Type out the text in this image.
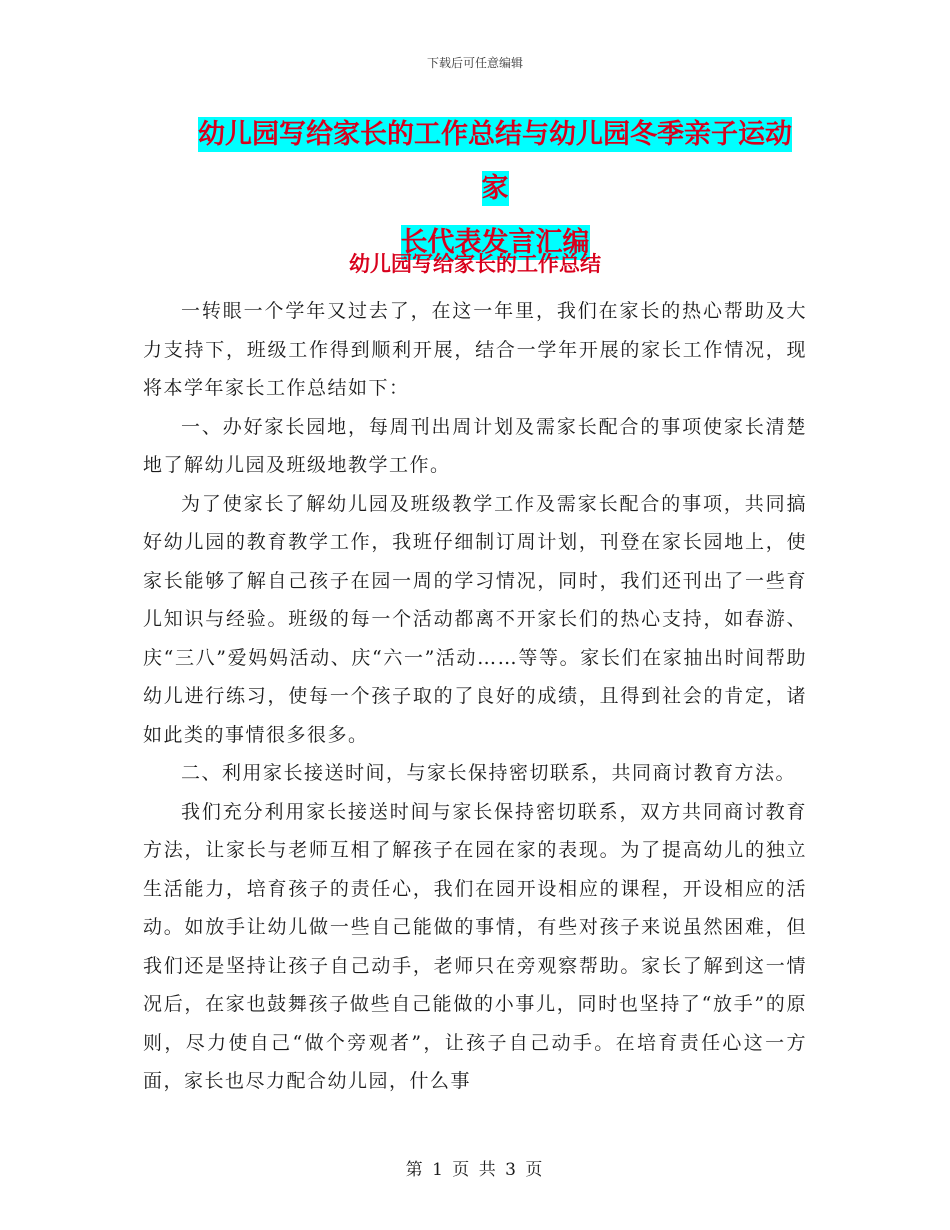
下载后可任意编辑
幼儿园写给家长的工作总结与幼儿园冬季亲子运动家
长代表发言汇编
幼儿园写给家长的工作总结

一转眼一个学年又过去了，在这一年里，我们在家长的热心帮助及大力支持下，班级工作得到顺利开展，结合一学年开展的家长工作情况，现将本学年家长工作总结如下：

一、办好家长园地，每周刊出周计划及需家长配合的事项使家长清楚地了解幼儿园及班级地教学工作。

为了使家长了解幼儿园及班级教学工作及需家长配合的事项，共同搞好幼儿园的教育教学工作，我班仔细制订周计划，刊登在家长园地上，使家长能够了解自己孩子在园一周的学习情况，同时，我们还刊出了一些育儿知识与经验。班级的每一个活动都离不开家长们的热心支持，如春游、庆“三八”爱妈妈活动、庆“六一”活动……等等。家长们在家抽出时间帮助幼儿进行练习，使每一个孩子取的了良好的成绩，且得到社会的肯定，诸如此类的事情很多很多。

二、利用家长接送时间，与家长保持密切联系，共同商讨教育方法。

我们充分利用家长接送时间与家长保持密切联系，双方共同商讨教育方法，让家长与老师互相了解孩子在园在家的表现。为了提高幼儿的独立生活能力，培育孩子的责任心，我们在园开设相应的课程，开设相应的活动。如放手让幼儿做一些自己能做的事情，有些对孩子来说虽然困难，但我们还是坚持让孩子自己动手，老师只在旁观察帮助。家长了解到这一情况后，在家也鼓舞孩子做些自己能做的小事儿，同时也坚持了“放手”的原则，尽力使自己“做个旁观者”，让孩子自己动手。在培育责任心这一方面，家长也尽力配合幼儿园，什么事

第 1 页 共 3 页
